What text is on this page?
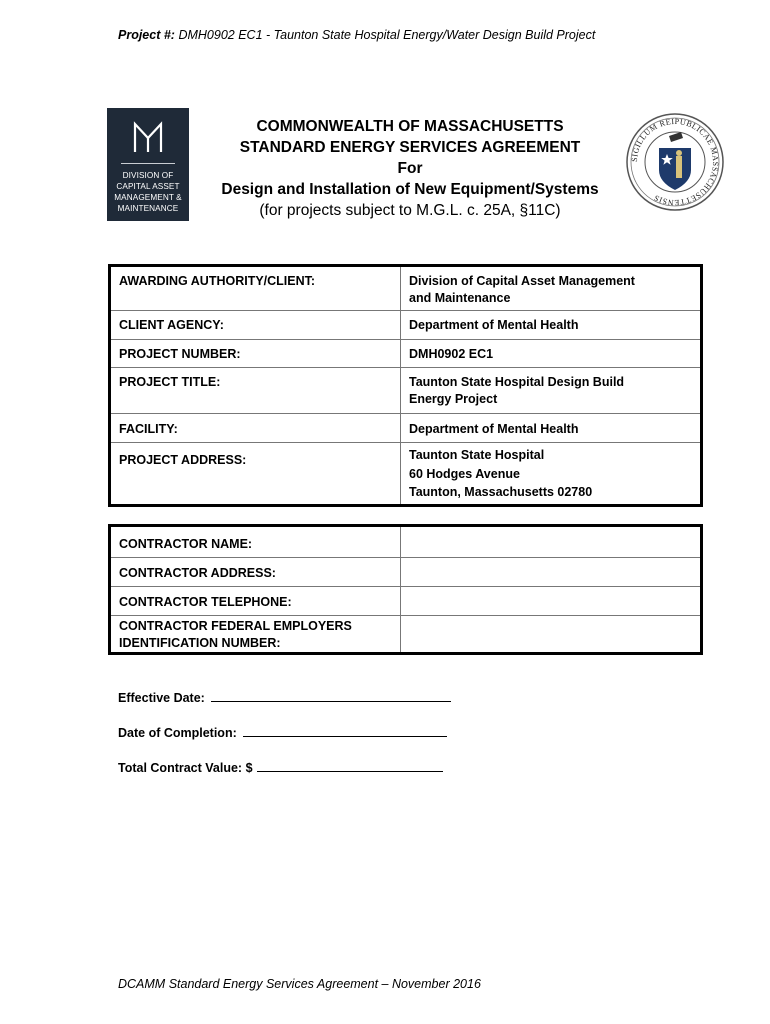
Project #: DMH0902 EC1 - Taunton State Hospital Energy/Water Design Build Project
DIVISION OF
CAPITAL ASSET
MANAGEMENT &
MAINTENANCE
COMMONWEALTH OF MASSACHUSETTS
STANDARD ENERGY SERVICES AGREEMENT
For
Design and Installation of New Equipment/Systems
(for projects subject to M.G.L. c. 25A, §11C)
SIGILLUM REIPUBLICAE MASSACHUSETTENSIS
AWARDING AUTHORITY/CLIENT:	Division of Capital Asset Management
and Maintenance

CLIENT AGENCY:	Department of Mental Health

PROJECT NUMBER:	DMH0902 EC1

PROJECT TITLE:	Taunton State Hospital Design Build
Energy Project

FACILITY:	Department of Mental Health

PROJECT ADDRESS:	Taunton State Hospital
60 Hodges Avenue
Taunton, Massachusetts 02780
CONTRACTOR NAME:	

CONTRACTOR ADDRESS:	

CONTRACTOR TELEPHONE:	

CONTRACTOR FEDERAL EMPLOYERS
IDENTIFICATION NUMBER:	

Effective Date:
Date of Completion:
Total Contract Value: $
DCAMM Standard Energy Services Agreement – November 2016
